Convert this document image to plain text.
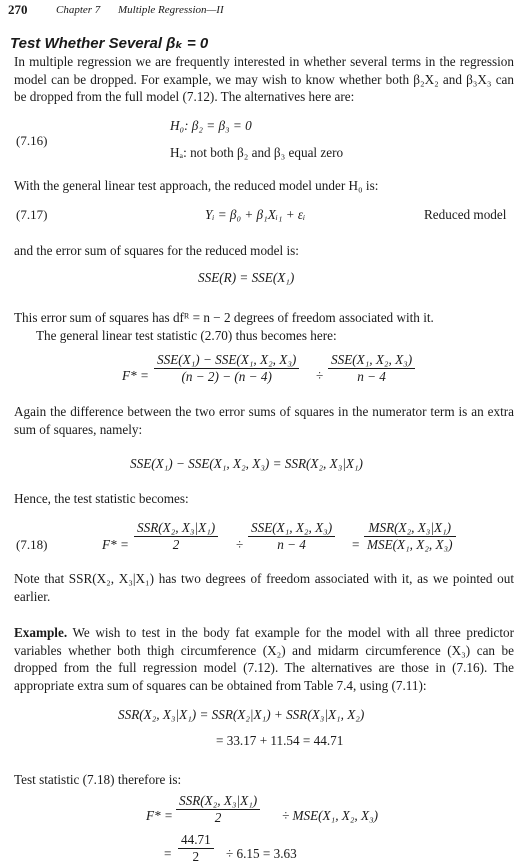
270	Chapter 7 Multiple Regression—II
Test Whether Several βₖ = 0
In multiple regression we are frequently interested in whether several terms in the regression model can be dropped. For example, we may wish to know whether both β₂X₂ and β₃X₃ can be dropped from the full model (7.12). The alternatives here are:
(7.16)
H₀: β₂ = β₃ = 0
Hₐ: not both β₂ and β₃ equal zero
With the general linear test approach, the reduced model under H₀ is:
(7.17)	Yᵢ = β₀ + β₁Xᵢ₁ + εᵢ	Reduced model
and the error sum of squares for the reduced model is:
SSE(R) = SSE(X₁)
This error sum of squares has dfᴿ = n − 2 degrees of freedom associated with it.
The general linear test statistic (2.70) thus becomes here:
F* =
SSE(X₁) − SSE(X₁, X₂, X₃)
(n − 2) − (n − 4)	÷
SSE(X₁, X₂, X₃)
n − 4
Again the difference between the two error sums of squares in the numerator term is an extra sum of squares, namely:
SSE(X₁) − SSE(X₁, X₂, X₃) = SSR(X₂, X₃|X₁)
Hence, the test statistic becomes:
(7.18)	F* =
SSR(X₂, X₃|X₁)
2	÷
SSE(X₁, X₂, X₃)
n − 4	=
MSR(X₂, X₃|X₁)
MSE(X₁, X₂, X₃)
Note that SSR(X₂, X₃|X₁) has two degrees of freedom associated with it, as we pointed out earlier.
Example. We wish to test in the body fat example for the model with all three predictor variables whether both thigh circumference (X₂) and midarm circumference (X₃) can be dropped from the full regression model (7.12). The alternatives are those in (7.16). The appropriate extra sum of squares can be obtained from Table 7.4, using (7.11):
SSR(X₂, X₃|X₁) = SSR(X₂|X₁) + SSR(X₃|X₁, X₂)
= 33.17 + 11.54 = 44.71
Test statistic (7.18) therefore is:
F* =
SSR(X₂, X₃|X₁)
2	÷ MSE(X₁, X₂, X₃)
= $\frac{44.71}{2} \div 6.15 = 3.63$
